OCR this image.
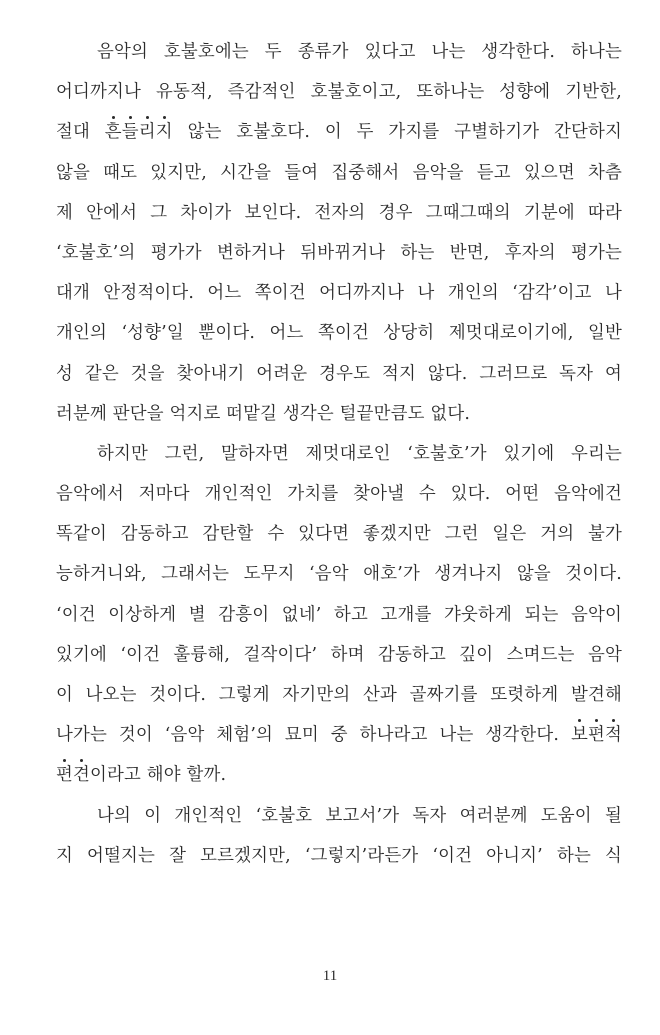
음악의 호불호에는 두 종류가 있다고 나는 생각한다. 하나는
어디까지나 유동적, 즉감적인 호불호이고, 또하나는 성향에 기반한,
절대
흔
들
리
지 않는 호불호다. 이 두 가지를 구별하기가 간단하지
않을 때도 있지만, 시간을 들여 집중해서 음악을 듣고 있으면 차츰
제 안에서 그 차이가 보인다. 전자의 경우 그때그때의 기분에 따라
‘호불호’의 평가가 변하거나 뒤바뀌거나 하는 반면, 후자의 평가는
대개 안정적이다. 어느 쪽이건 어디까지나 나 개인의 ‘감각’이고 나
개인의 ‘성향’일 뿐이다. 어느 쪽이건 상당히 제멋대로이기에, 일반
성 같은 것을 찾아내기 어려운 경우도 적지 않다. 그러므로 독자 여
러분께 판단을 억지로 떠맡길 생각은 털끝만큼도 없다.
하지만 그런, 말하자면 제멋대로인 ‘호불호’가 있기에 우리는
음악에서 저마다 개인적인 가치를 찾아낼 수 있다. 어떤 음악에건
똑같이 감동하고 감탄할 수 있다면 좋겠지만 그런 일은 거의 불가
능하거니와, 그래서는 도무지 ‘음악 애호’가 생겨나지 않을 것이다.
‘이건 이상하게 별 감흥이 없네’ 하고 고개를 갸웃하게 되는 음악이
있기에 ‘이건 훌륭해, 걸작이다’ 하며 감동하고 깊이 스며드는 음악
이 나오는 것이다. 그렇게 자기만의 산과 골짜기를 또렷하게 발견해
나가는 것이 ‘음악 체험’의 묘미 중 하나라고 나는 생각한다.
보
편
적
편
견이라고 해야 할까.
나의 이 개인적인 ‘호불호 보고서’가 독자 여러분께 도움이 될
지 어떨지는 잘 모르겠지만, ‘그렇지’라든가 ‘이건 아니지’ 하는 식
11
